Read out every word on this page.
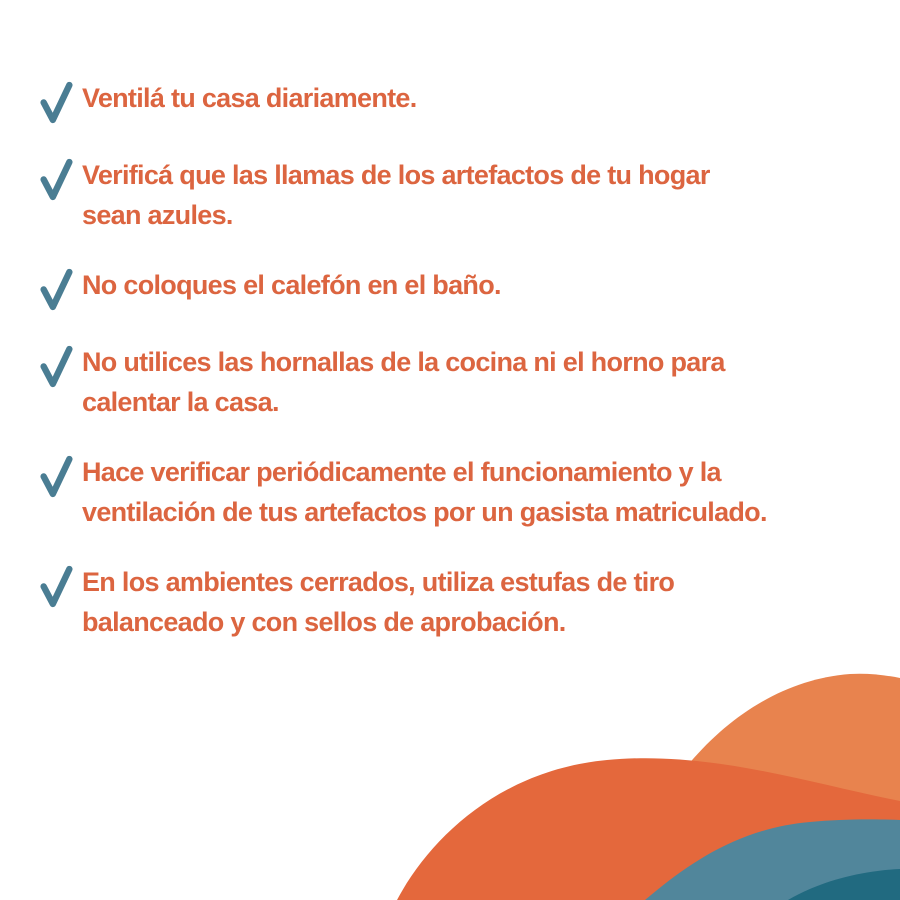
Ventilá tu casa diariamente.
Verificá que las llamas de los artefactos de tu hogar
sean azules.
No coloques el calefón en el baño.
No utilices las hornallas de la cocina ni el horno para
calentar la casa.
Hace verificar periódicamente el funcionamiento y la
ventilación de tus artefactos por un gasista matriculado.
En los ambientes cerrados, utiliza estufas de tiro
balanceado y con sellos de aprobación.
